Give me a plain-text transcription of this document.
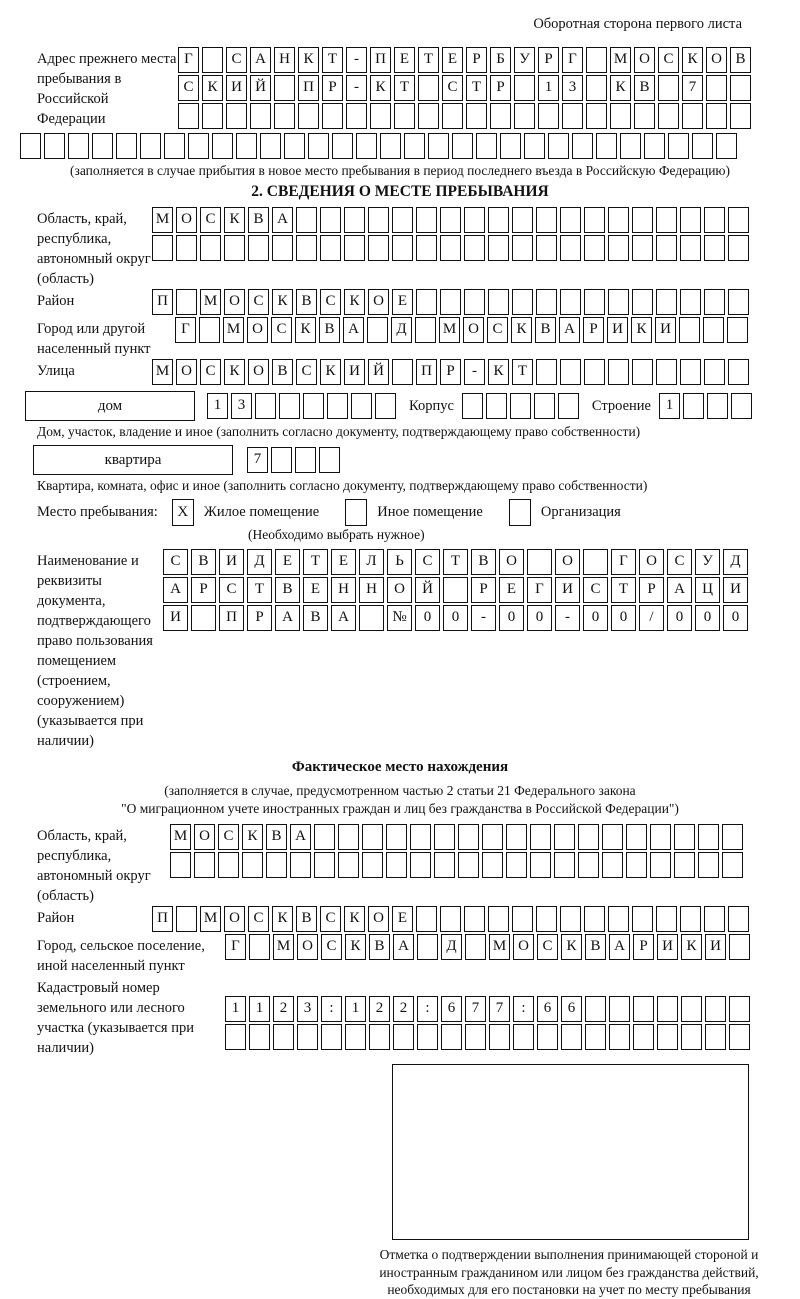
Оборотная сторона первого листа
Адрес прежнего места пребывания в Российской Федерации
Г	С А Н К Т - П Е Т Е Р Б У Р Г М О С К О В
С К И Й П Р - К Т	С Т Р	1 3	К В	7
(заполняется в случае прибытия в новое место пребывания в период последнего въезда в Российскую Федерацию)
2. СВЕДЕНИЯ О МЕСТЕ ПРЕБЫВАНИЯ
Область, край, республика, автономный округ (область)
М О С К В А
Район	П М О С К В С К О Е
Город или другой населенный пункт
Г М О С К В А Д М О С К В А Р И К И
Улица	М О С К О В С К И Й П Р - К Т
дом	1 3	Корпус	Строение 1
Дом, участок, владение и иное (заполнить согласно документу, подтверждающему право собственности)
квартира	7
Квартира, комната, офис и иное (заполнить согласно документу, подтверждающему право собственности)
Место пребывания:	X	Жилое помещение	Иное помещение	Организация
(Необходимо выбрать нужное)
Наименование и реквизиты документа, подтверждающего право пользования помещением (строением, сооружением) (указывается при наличии)
С В И Д Е Т Е Л Ь С Т В О	О	Г О С У Д
А Р С Т В Е Н Н О Й	Р Е Г И С Т Р А Ц И
И	П Р А В А	№ 0 0 - 0 0 - 0 0 / 0 0 0
Фактическое место нахождения
(заполняется в случае, предусмотренном частью 2 статьи 21 Федерального закона
"О миграционном учете иностранных граждан и лиц без гражданства в Российской Федерации")
Область, край, республика, автономный округ (область)
М О С К В А
Район	П М О С К В С К О Е
Город, сельское поселение, иной населенный пункт
Г М О С К В А Д М О С К В А Р И К И
Кадастровый номер земельного или лесного участка (указывается при наличии)
1 1 2 3 : 1 2 2 : 6 7 7 : 6 6
Отметка о подтверждении выполнения принимающей стороной и иностранным гражданином или лицом без гражданства действий, необходимых для его постановки на учет по месту пребывания
